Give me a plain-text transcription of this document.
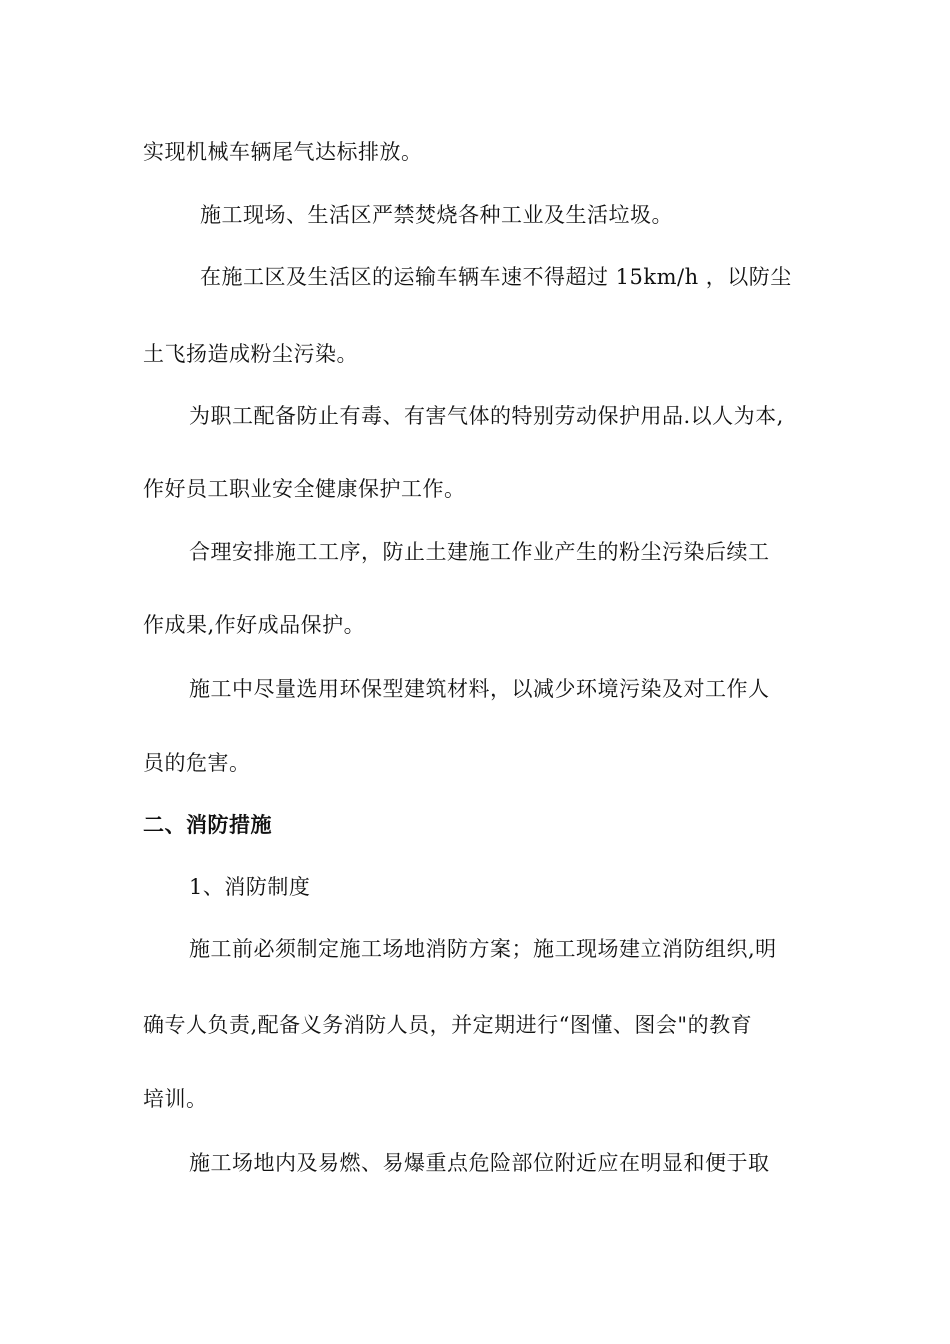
实现机械车辆尾气达标排放。
施工现场、生活区严禁焚烧各种工业及生活垃圾。
在施工区及生活区的运输车辆车速不得超过 15km/h ，以防尘
土飞扬造成粉尘污染。
为职工配备防止有毒、有害气体的特别劳动保护用品.以人为本,
作好员工职业安全健康保护工作。
合理安排施工工序，防止土建施工作业产生的粉尘污染后续工
作成果,作好成品保护。
施工中尽量选用环保型建筑材料，以减少环境污染及对工作人
员的危害。
二、消防措施
1、消防制度
施工前必须制定施工场地消防方案；施工现场建立消防组织,明
确专人负责,配备义务消防人员，并定期进行“图懂、图会"的教育
培训。
施工场地内及易燃、易爆重点危险部位附近应在明显和便于取
